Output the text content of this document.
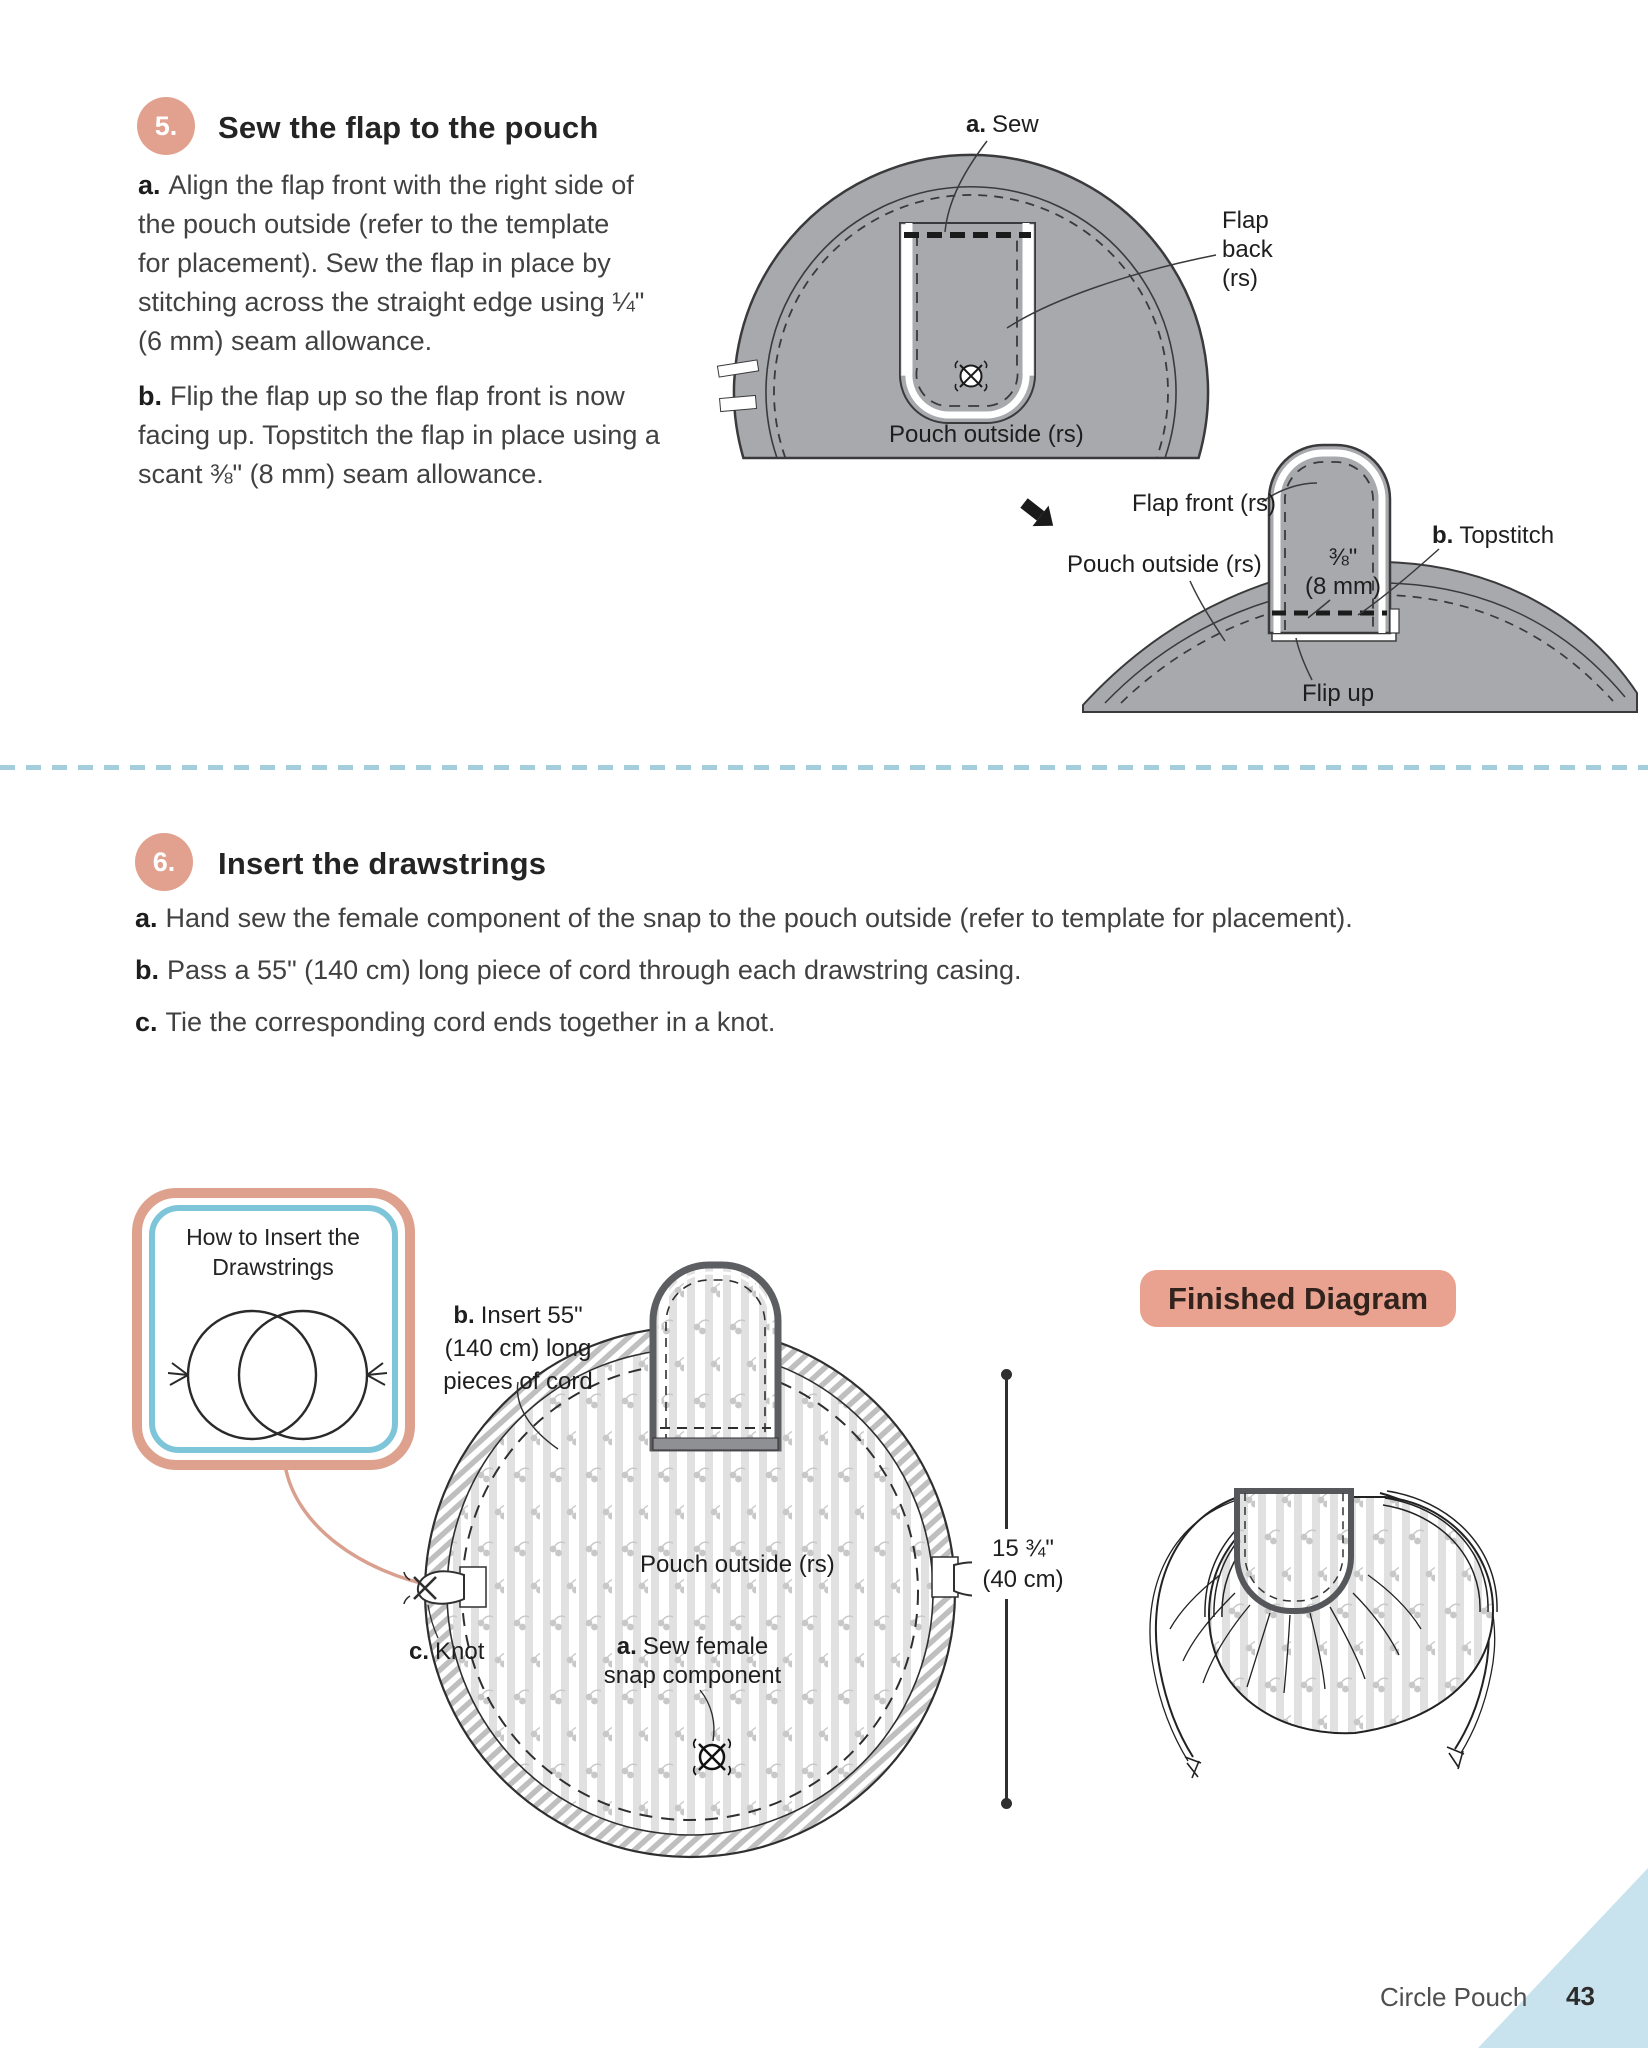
5. Sew the flap to the pouch
a. Align the flap front with the right side of the pouch outside (refer to the template for placement). Sew the flap in place by stitching across the straight edge using ¼" (6 mm) seam allowance.
b. Flip the flap up so the flap front is now facing up. Topstitch the flap in place using a scant ⅜" (8 mm) seam allowance.
a. Sew
Flap back (rs)
Pouch outside (rs)
Flap front (rs)
b. Topstitch
Pouch outside (rs)	⅜"
(8 mm)
Flip up
6. Insert the drawstrings
a. Hand sew the female component of the snap to the pouch outside (refer to template for placement).
b. Pass a 55" (140 cm) long piece of cord through each drawstring casing.
c. Tie the corresponding cord ends together in a knot.
How to Insert the Drawstrings
Pouch outside (rs)
a. Sew female snap component
c. Knot
b. Insert 55" (140 cm) long pieces of cord
15 ¾"
(40 cm)
Finished Diagram
Circle Pouch 43
